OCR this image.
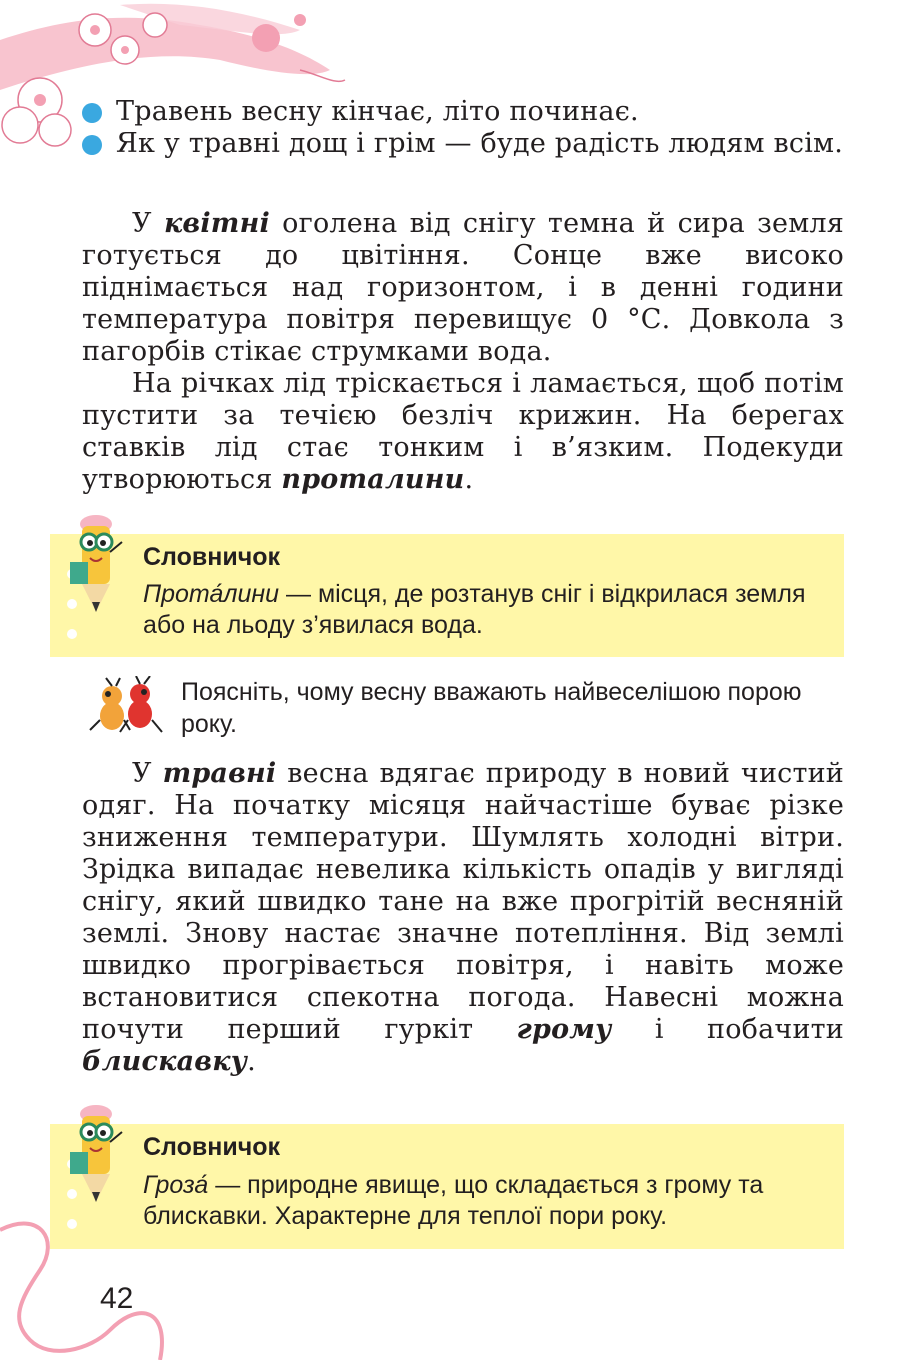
Травень весну кінчає, літо починає.

Як у травні дощ і грім — буде радість людям всім.

У квітні оголена від снігу темна й сира земля готується до цвітіння. Сонце вже високо піднімається над горизонтом, і в денні години температура повітря перевищує 0 °С. Довкола з пагорбів стікає струмками вода.

На річках лід тріскається і ламається, щоб потім пустити за течією безліч крижин. На берегах ставків лід стає тонким і в’язким. Подекуди утворюються проталини.

Словничок
Прота́лини — місця, де розтанув сніг і відкрилася земля або на льоду з’явилася вода.

Поясніть, чому весну вважають найвеселішою порою року.

У травні весна вдягає природу в новий чистий одяг. На початку місяця найчастіше буває різке зниження температури. Шумлять холодні вітри. Зрідка випадає невелика кількість опадів у вигляді снігу, який швидко тане на вже прогрітій весняній землі. Знову настає значне потепління. Від землі швидко прогрівається повітря, і навіть може встановитися спекотна погода. Навесні можна почути перший гуркіт грому і побачити блискавку.

Словничок
Гроза́ — природне явище, що складається з грому та блискавки. Характерне для теплої пори року.
42
